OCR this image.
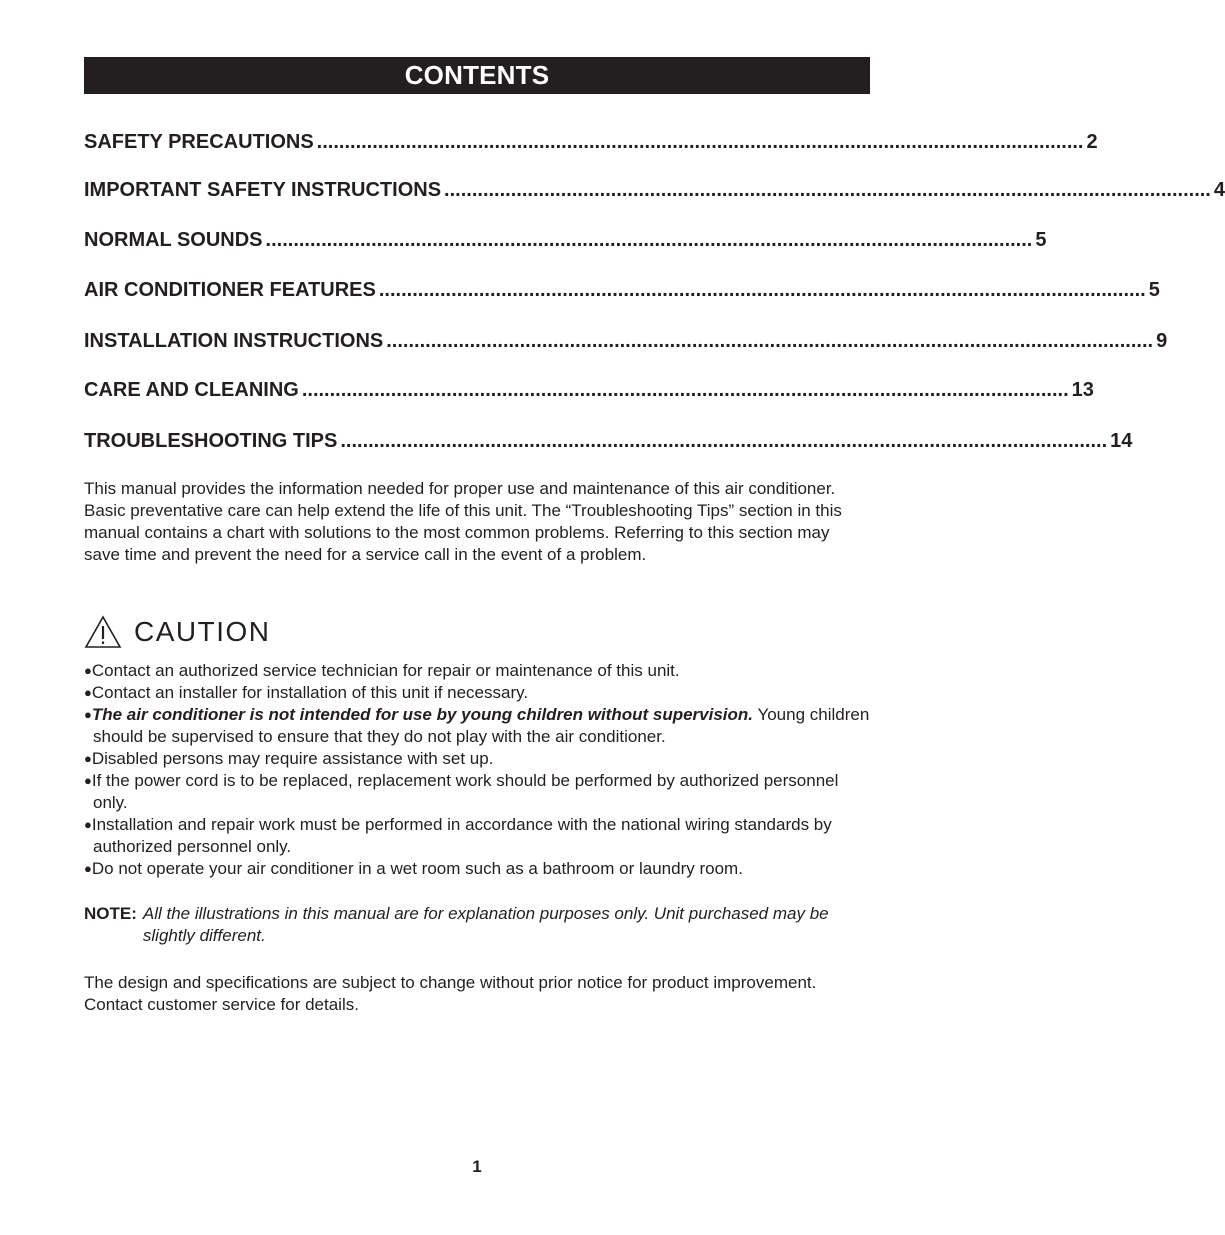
CONTENTS
SAFETY PRECAUTIONS .......................................................................................................................................... 2
IMPORTANT SAFETY INSTRUCTIONS .......................................................................................................................................... 4
NORMAL SOUNDS .......................................................................................................................................... 5
AIR CONDITIONER FEATURES .......................................................................................................................................... 5
INSTALLATION INSTRUCTIONS .......................................................................................................................................... 9
CARE AND CLEANING .......................................................................................................................................... 13
TROUBLESHOOTING TIPS .......................................................................................................................................... 14

This manual provides the information needed for proper use and maintenance of this air conditioner. Basic preventative care can help extend the life of this unit. The “Troubleshooting Tips” section in this manual contains a chart with solutions to the most common problems. Referring to this section may save time and prevent the need for a service call in the event of a problem.

CAUTION
●Contact an authorized service technician for repair or maintenance of this unit.
●Contact an installer for installation of this unit if necessary.
●The air conditioner is not intended for use by young children without supervision. Young children should be supervised to ensure that they do not play with the air conditioner.
●Disabled persons may require assistance with set up.
●If the power cord is to be replaced, replacement work should be performed by authorized personnel only.
●Installation and repair work must be performed in accordance with the national wiring standards by authorized personnel only.
●Do not operate your air conditioner in a wet room such as a bathroom or laundry room.
NOTE: All the illustrations in this manual are for explanation purposes only. Unit purchased may be slightly different.

The design and specifications are subject to change without prior notice for product improvement. Contact customer service for details.

1
